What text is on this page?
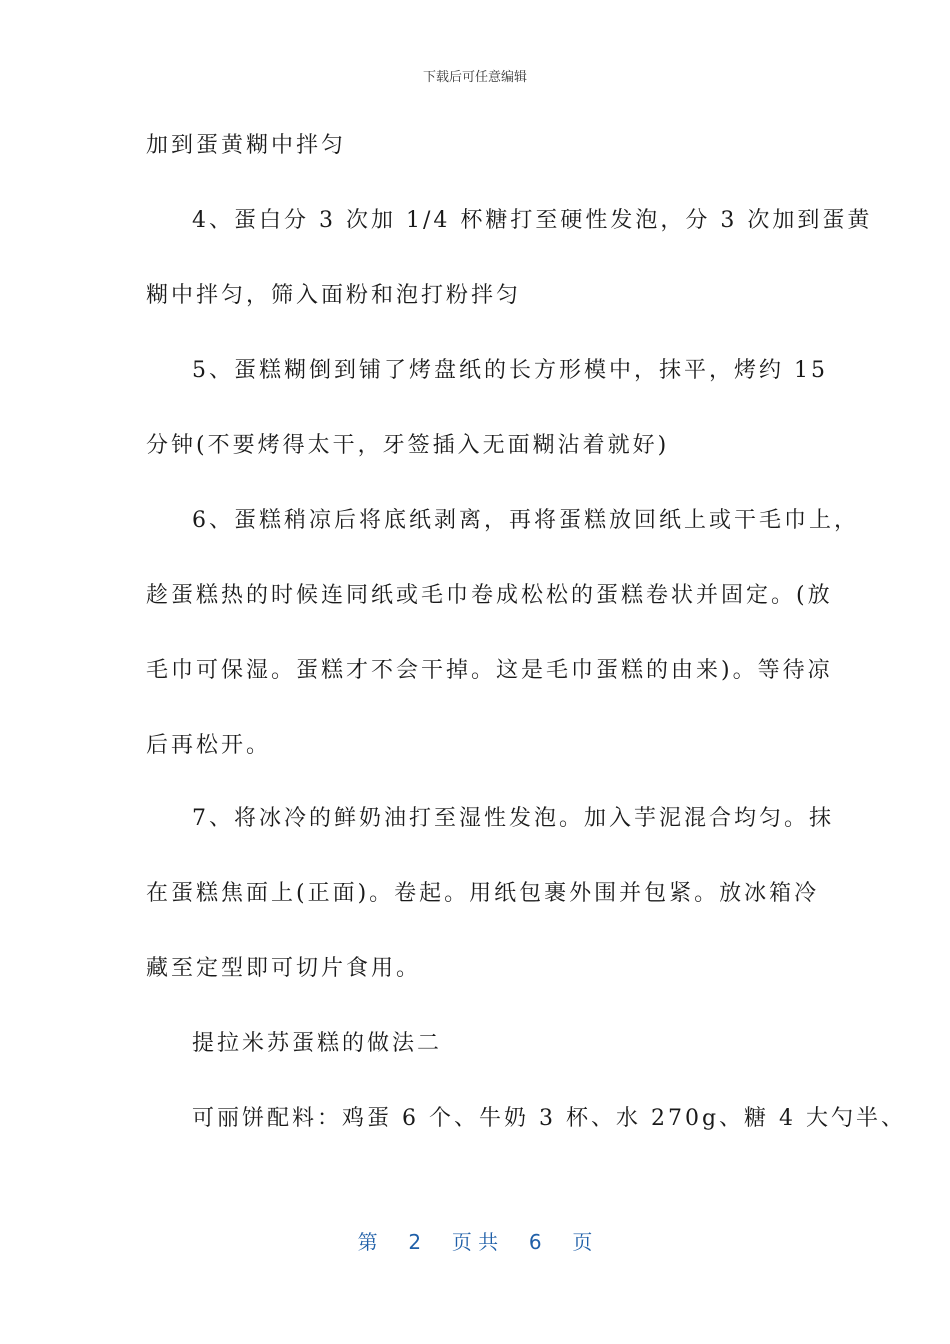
下载后可任意编辑
加到蛋黄糊中拌匀
4、蛋白分 3 次加 1/4 杯糖打至硬性发泡，分 3 次加到蛋黄
糊中拌匀，筛入面粉和泡打粉拌匀
5、蛋糕糊倒到铺了烤盘纸的长方形模中，抹平，烤约 15
分钟(不要烤得太干，牙签插入无面糊沾着就好)
6、蛋糕稍凉后将底纸剥离，再将蛋糕放回纸上或干毛巾上，
趁蛋糕热的时候连同纸或毛巾卷成松松的蛋糕卷状并固定。(放
毛巾可保湿。蛋糕才不会干掉。这是毛巾蛋糕的由来)。等待凉
后再松开。
7、将冰冷的鲜奶油打至湿性发泡。加入芋泥混合均匀。抹
在蛋糕焦面上(正面)。卷起。用纸包裹外围并包紧。放冰箱冷
藏至定型即可切片食用。
提拉米苏蛋糕的做法二
可丽饼配料：鸡蛋 6 个、牛奶 3 杯、水 270g、糖 4 大勺半、
第 2 页 共 6 页
